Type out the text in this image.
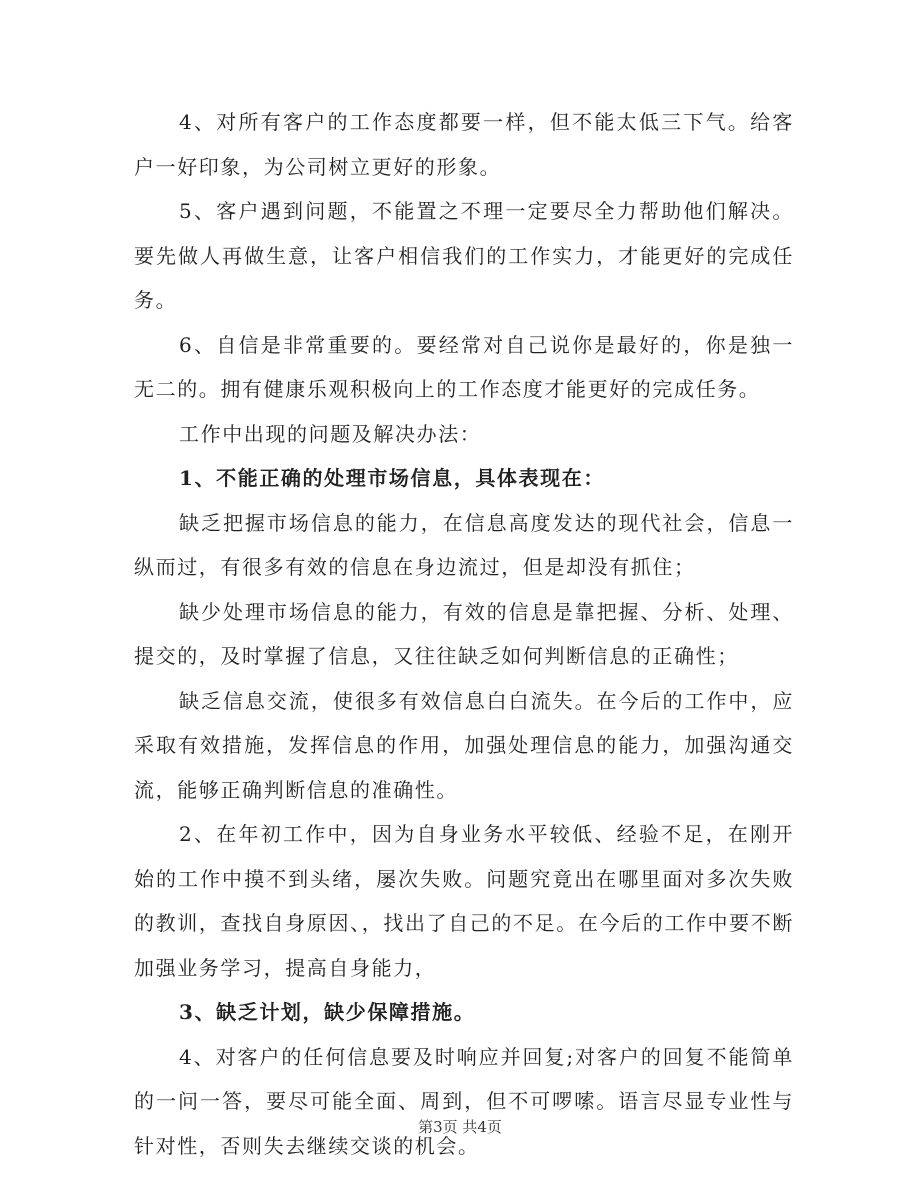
4、对所有客户的工作态度都要一样，但不能太低三下气。给客户一好印象，为公司树立更好的形象。

5、客户遇到问题，不能置之不理一定要尽全力帮助他们解决。要先做人再做生意，让客户相信我们的工作实力，才能更好的完成任务。

6、自信是非常重要的。要经常对自己说你是最好的，你是独一无二的。拥有健康乐观积极向上的工作态度才能更好的完成任务。

工作中出现的问题及解决办法：

1、不能正确的处理市场信息，具体表现在：

缺乏把握市场信息的能力，在信息高度发达的现代社会，信息一纵而过，有很多有效的信息在身边流过，但是却没有抓住；

缺少处理市场信息的能力，有效的信息是靠把握、分析、处理、提交的，及时掌握了信息，又往往缺乏如何判断信息的正确性；

缺乏信息交流，使很多有效信息白白流失。在今后的工作中，应采取有效措施，发挥信息的作用，加强处理信息的能力，加强沟通交流，能够正确判断信息的准确性。

2、在年初工作中，因为自身业务水平较低、经验不足，在刚开始的工作中摸不到头绪，屡次失败。问题究竟出在哪里面对多次失败的教训，查找自身原因、，找出了自己的不足。在今后的工作中要不断加强业务学习，提高自身能力，

3、缺乏计划，缺少保障措施。

4、对客户的任何信息要及时响应并回复;对客户的回复不能简单的一问一答，要尽可能全面、周到，但不可啰嗦。语言尽显专业性与针对性，否则失去继续交谈的机会。

第3页 共4页
